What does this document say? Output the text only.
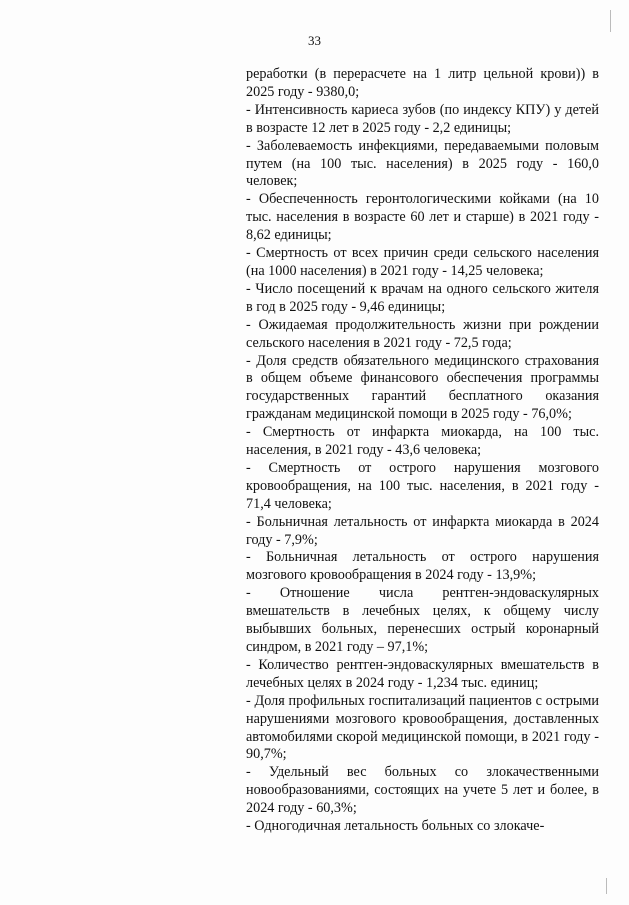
33

реработки (в перерасчете на 1 литр цельной крови)) в 2025 году - 9380,0;

- Интенсивность кариеса зубов (по индексу КПУ) у детей в возрасте 12 лет в 2025 году - 2,2 единицы;

- Заболеваемость инфекциями, передаваемыми половым путем (на 100 тыс. населения) в 2025 году - 160,0 человек;

- Обеспеченность геронтологическими койками (на 10 тыс. населения в возрасте 60 лет и старше) в 2021 году - 8,62 единицы;

- Смертность от всех причин среди сельского населения (на 1000 населения) в 2021 году - 14,25 человека;

- Число посещений к врачам на одного сельского жителя в год в 2025 году - 9,46 единицы;

- Ожидаемая продолжительность жизни при рождении сельского населения в 2021 году - 72,5 года;

- Доля средств обязательного медицинского страхования в общем объеме финансового обеспечения программы государственных гарантий бесплатного оказания гражданам медицинской помощи в 2025 году - 76,0%;

- Смертность от инфаркта миокарда, на 100 тыс. населения, в 2021 году - 43,6 человека;

- Смертность от острого нарушения мозгового кровообращения, на 100 тыс. населения, в 2021 году - 71,4 человека;

- Больничная летальность от инфаркта миокарда в 2024 году - 7,9%;

- Больничная летальность от острого нарушения мозгового кровообращения в 2024 году - 13,9%;

- Отношение числа рентген-эндоваскулярных вмешательств в лечебных целях, к общему числу выбывших больных, перенесших острый коронарный синдром, в 2021 году – 97,1%;

- Количество рентген-эндоваскулярных вмешательств в лечебных целях в 2024 году - 1,234 тыс. единиц;

- Доля профильных госпитализаций пациентов с острыми нарушениями мозгового кровообращения, доставленных автомобилями скорой медицинской помощи, в 2021 году - 90,7%;

- Удельный вес больных со злокачественными новообразованиями, состоящих на учете 5 лет и более, в 2024 году - 60,3%;

- Одногодичная летальность больных со злокаче-
